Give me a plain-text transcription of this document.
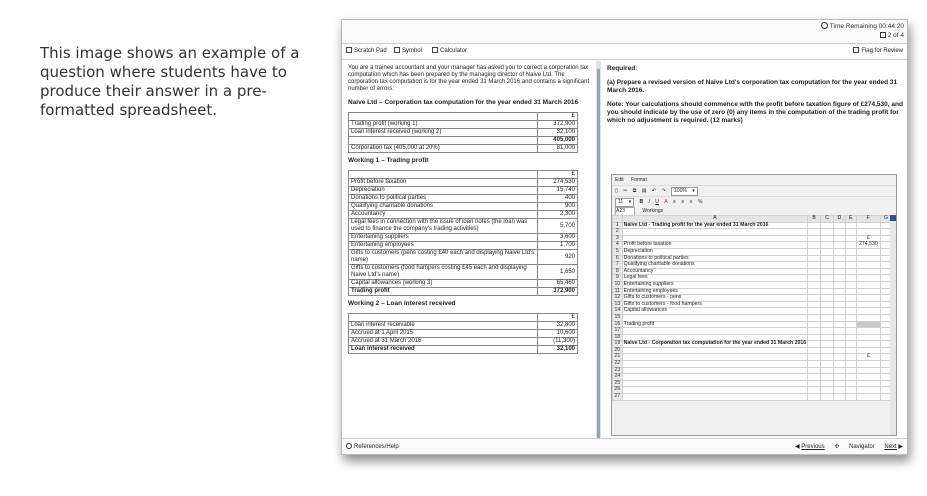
This image shows an example of a question where students have to produce their answer in a pre-formatted spreadsheet.
Time Remaining 00:44:20
2 of 4
Scratch Pad	Symbol	Calculator	Flag for Review
You are a trainee accountant and your manager has asked you to correct a corporation tax computation which has been prepared by the managing director of Naive Ltd. The corporation tax computation is for the year ended 31 March 2016 and contains a significant number of errors:
Naive Ltd – Corporation tax computation for the year ended 31 March 2016
	£
Trading profit (working 1)	372,900
Loan interest received (working 2)	32,100
	405,000
Corporation tax (405,000 at 20%)	81,000
Working 1 – Trading profit
	£
Profit before taxation	274,530
Depreciation	15,740
Donations to political parties	400
Qualifying charitable donations	900
Accountancy	2,300
Legal fees in connection with the issue of loan notes (the loan was used to finance the company's trading activities)	5,700
Entertaining suppliers	3,600
Entertaining employees	1,700
Gifts to customers (pens costing £40 each and displaying Naive Ltd's name)	920
Gifts to customers (food hampers costing £45 each and displaying Naive Ltd's name)	1,650
Capital allowances (working 3)	65,460
Trading profit	372,900
Working 2 – Loan interest received
	£
Loan interest receivable	32,800
Accrued at 1 April 2015	10,600
Accrued at 31 March 2016	(11,300)
Loan interest received	32,100
Required:
(a) Prepare a revised version of Naive Ltd's corporation tax computation for the year ended 31 March 2016.
Note: Your calculations should commence with the profit before taxation figure of £274,530, and you should indicate by the use of zero (0) any items in the computation of the trading profit for which no adjustment is required. (12 marks)
Edit Format
▯ ✂ ⧉ ▤ ↶ ↷ 100% ▾
11 ▾ B I U A ≡ ≡ ≡ %
A23	Workings
	A	B	C	D	E	F	G
1	Naive Ltd - Trading profit for the year ended 31 March 2016						
2							
3						£	
4	Profit before taxation					274,530	
5	Depreciation						
6	Donations to political parties						
7	Qualifying charitable donations						
8	Accountancy						
9	Legal fees						
10	Entertaining suppliers						
11	Entertaining employees						
12	Gifts to customers - pens						
13	Gifts to customers - food hampers						
14	Capital allowances						
15							
16	Trading profit						
17							
18							
19	Naive Ltd - Corporation tax computation for the year ended 31 March 2016						
20							
21						£	
22							
23							
24							
25							
26							
27							
References/Help	◀ Previous ✣ Navigator Next ▶
